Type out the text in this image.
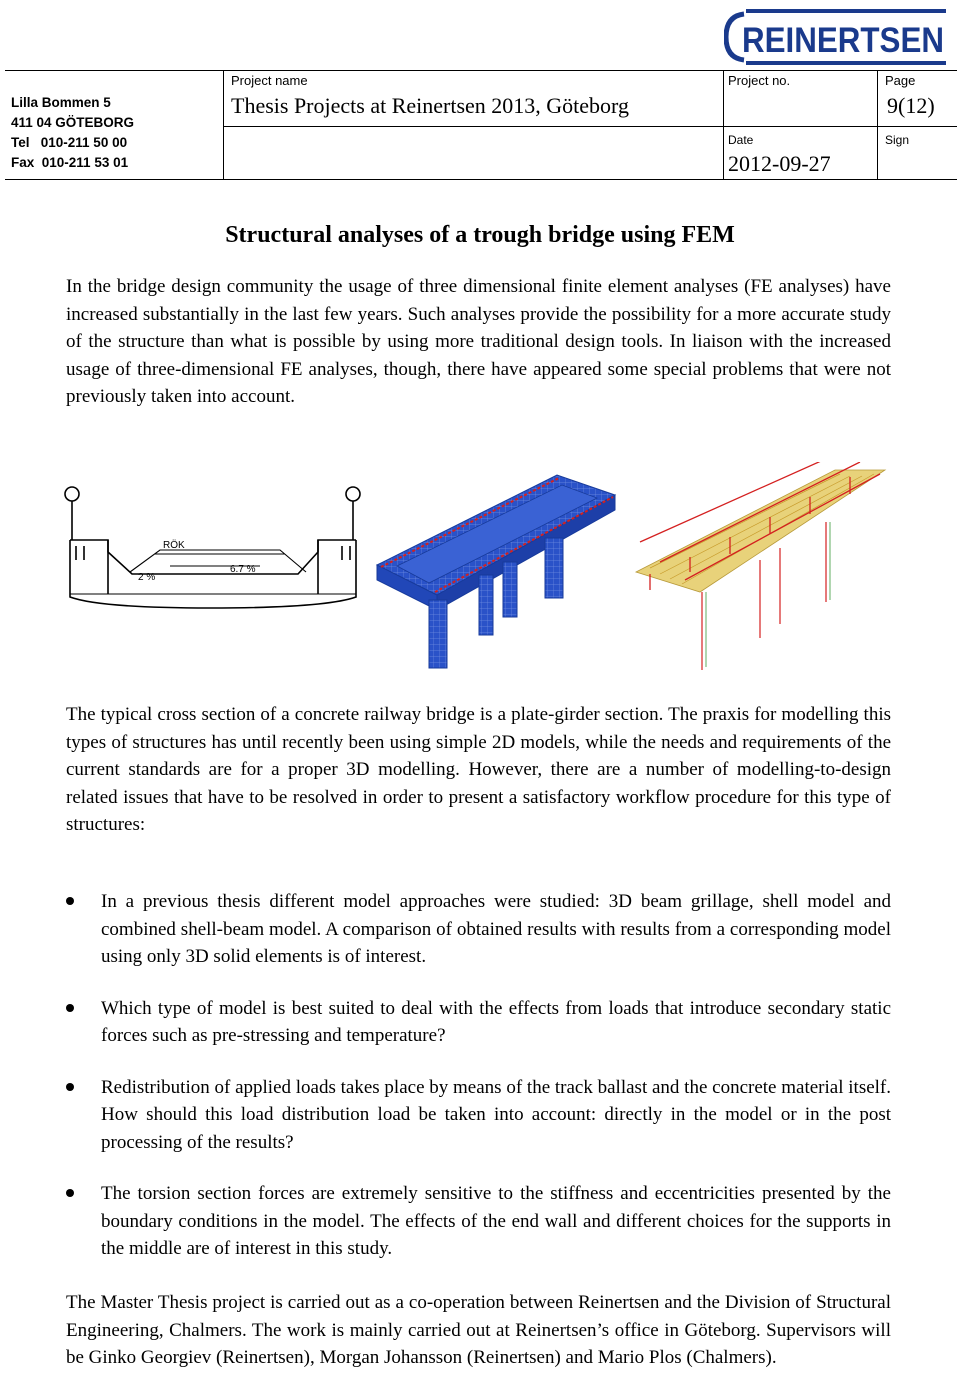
REINERTSEN
Lilla Bommen 5
411 04 GÖTEBORG
Tel   010-211 50 00
Fax  010-211 53 01
Project name
Thesis Projects at Reinertsen 2013, Göteborg
Project no.	Page
9(12)
Date
2012-09-27
Sign
Structural analyses of a trough bridge using FEM

In the bridge design community the usage of three dimensional finite element analyses (FE analyses) have increased substantially in the last few years. Such analyses provide the possibility for a more accurate study of the structure than what is possible by using more traditional design tools. In liaison with the increased usage of three-dimensional FE analyses, though, there have appeared some special problems that were not previously taken into account.

RÖK
2 %
6.7 %

The typical cross section of a concrete railway bridge is a plate-girder section. The praxis for modelling this types of structures has until recently been using simple 2D models, while the needs and requirements of the current standards are for a proper 3D modelling. However, there are a number of modelling-to-design related issues that have to be resolved in order to present a satisfactory workflow procedure for this type of structures:

In a previous thesis different model approaches were studied: 3D beam grillage, shell model and combined shell-beam model. A comparison of obtained results with results from a corresponding model using only 3D solid elements is of interest.
Which type of model is best suited to deal with the effects from loads that introduce secondary static forces such as pre-stressing and temperature?
Redistribution of applied loads takes place by means of the track ballast and the concrete material itself. How should this load distribution load be taken into account: directly in the model or in the post processing of the results?
The torsion section forces are extremely sensitive to the stiffness and eccentricities presented by the boundary conditions in the model. The effects of the end wall and different choices for the supports in the middle are of interest in this study.

The Master Thesis project is carried out as a co-operation between Reinertsen and the Division of Structural Engineering, Chalmers. The work is mainly carried out at Reinertsen’s office in Göteborg. Supervisors will be Ginko Georgiev (Reinertsen), Morgan Johansson (Reinertsen) and Mario Plos (Chalmers).
